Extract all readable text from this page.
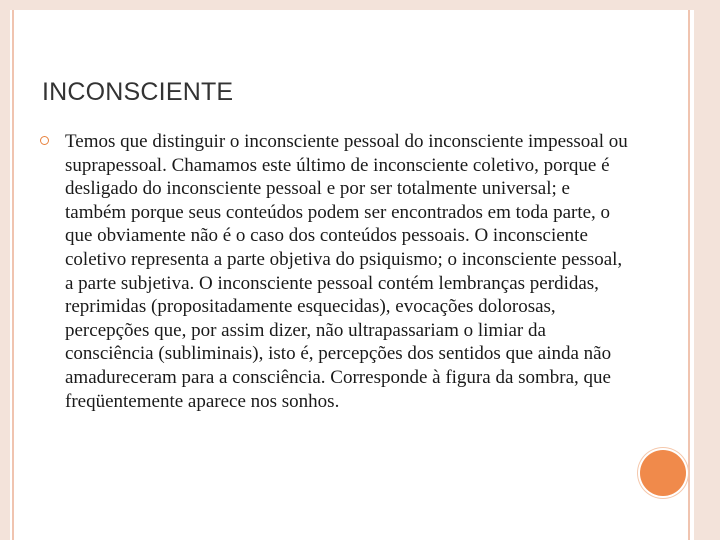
INCONSCIENTE
Temos que distinguir o inconsciente pessoal do inconsciente impessoal ou suprapessoal. Chamamos este último de inconsciente coletivo, porque é desligado do inconsciente pessoal e por ser totalmente universal; e também porque seus conteúdos podem ser encontrados em toda parte, o que obviamente não é o caso dos conteúdos pessoais. O inconsciente coletivo representa a parte objetiva do psiquismo; o inconsciente pessoal, a parte subjetiva. O inconsciente pessoal contém lembranças perdidas, reprimidas (propositadamente esquecidas), evocações dolorosas, percepções que, por assim dizer, não ultrapassariam o limiar da consciência (subliminais), isto é, percepções dos sentidos que ainda não amadureceram para a consciência. Corresponde à figura da sombra, que freqüentemente aparece nos sonhos.
